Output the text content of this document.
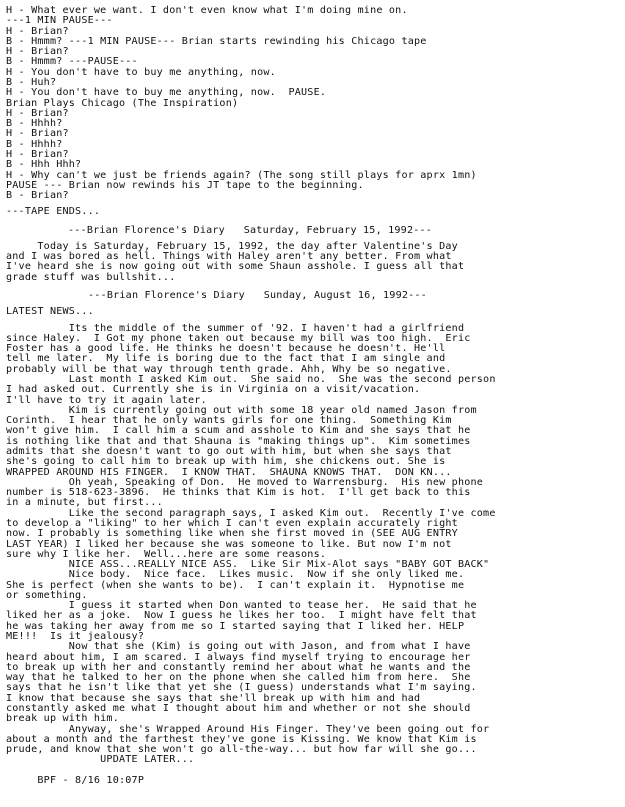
H - What ever we want. I don't even know what I'm doing mine on.
---1 MIN PAUSE---
H - Brian?
B - Hmmm? ---1 MIN PAUSE--- Brian starts rewinding his Chicago tape
H - Brian?
B - Hmmm? ---PAUSE---
H - You don't have to buy me anything, now.
B - Huh?
H - You don't have to buy me anything, now.  PAUSE.
Brian Plays Chicago (The Inspiration)
H - Brian?
B - Hhhh?
H - Brian?
B - Hhhh?
H - Brian?
B - Hhh Hhh?
H - Why can't we just be friends again? (The song still plays for aprx 1mn)
PAUSE --- Brian now rewinds his JT tape to the beginning.
B - Brian?
---TAPE ENDS...
---Brian Florence's Diary   Saturday, February 15, 1992---
Today is Saturday, February 15, 1992, the day after Valentine's Day
and I was bored as hell. Things with Haley aren't any better. From what
I've heard she is now going out with some Shaun asshole. I guess all that
grade stuff was bullshit...
---Brian Florence's Diary   Sunday, August 16, 1992---
LATEST NEWS...
Its the middle of the summer of '92. I haven't had a girlfriend
since Haley.  I Got my phone taken out because my bill was too high.  Eric
Foster has a good life. He thinks he doesn't because he doesn't. He'll
tell me later.  My life is boring due to the fact that I am single and
probably will be that way through tenth grade. Ahh, Why be so negative.
Last month I asked Kim out.  She said no.  She was the second person
I had asked out. Currently she is in Virginia on a visit/vacation.
I'll have to try it again later.
Kim is currently going out with some 18 year old named Jason from
Corinth.  I hear that he only wants girls for one thing.  Something Kim
won't give him.  I call him a scum and asshole to Kim and she says that he
is nothing like that and that Shauna is "making things up".  Kim sometimes
admits that she doesn't want to go out with him, but when she says that
she's going to call him to break up with him, she chickens out. She is
WRAPPED AROUND HIS FINGER.  I KNOW THAT.  SHAUNA KNOWS THAT.  DON KN...
Oh yeah, Speaking of Don.  He moved to Warrensburg.  His new phone
number is 518-623-3896.  He thinks that Kim is hot.  I'll get back to this
in a minute, but first...
Like the second paragraph says, I asked Kim out.  Recently I've come
to develop a "liking" to her which I can't even explain accurately right
now. I probably is something like when she first moved in (SEE AUG ENTRY
LAST YEAR) I liked her because she was someone to like. But now I'm not
sure why I like her.  Well...here are some reasons.
NICE ASS...REALLY NICE ASS.  Like Sir Mix-Alot says "BABY GOT BACK"
Nice body.  Nice face.  Likes music.  Now if she only liked me.
She is perfect (when she wants to be).  I can't explain it.  Hypnotise me
or something.
I guess it started when Don wanted to tease her.  He said that he
liked her as a joke.  Now I guess he likes her too.  I might have felt that
he was taking her away from me so I started saying that I liked her. HELP
ME!!!  Is it jealousy?
Now that she (Kim) is going out with Jason, and from what I have
heard about him, I am scared. I always find myself trying to encourage her
to break up with her and constantly remind her about what he wants and the
way that he talked to her on the phone when she called him from here.  She
says that he isn't like that yet she (I guess) understands what I'm saying.
I know that because she says that she'll break up with him and had
constantly asked me what I thought about him and whether or not she should
break up with him.
Anyway, she's Wrapped Around His Finger. They've been going out for
about a month and the farthest they've gone is Kissing. We know that Kim is
prude, and know that she won't go all-the-way... but how far will she go...
UPDATE LATER...
BPF - 8/16 10:07P
